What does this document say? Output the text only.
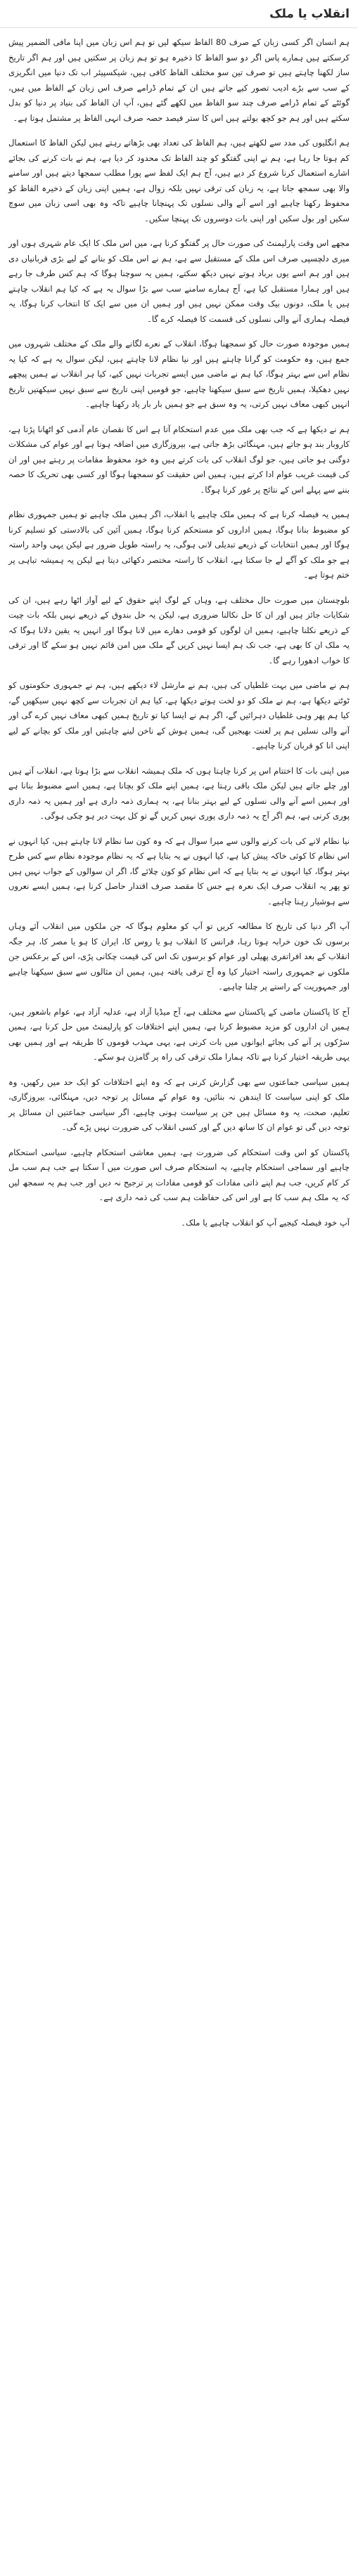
انقلاب یا ملک

ہم انسان اگر کسی زبان کے صرف 80 الفاظ سیکھ لیں تو ہم اس زبان میں اپنا مافی الضمیر پیش کرسکتے ہیں ہمارے پاس اگر دو سو الفاظ کا ذخیرہ ہو تو ہم زبان پر سکتیں ہیں اور ہم اگر تاریخ ساز لکھنا چاہتے ہیں تو صرف تین سو مختلف الفاظ کافی ہیں، شیکسپیئر اب تک دنیا میں انگریزی کے سب سے بڑے ادیب تصور کیے جاتے ہیں ان کے تمام ڈرامے صرف اس زبان کے الفاظ میں ہیں، گوئٹے کے تمام ڈرامے صرف چند سو الفاظ میں لکھے گئے ہیں، آپ ان الفاظ کی بنیاد پر دنیا کو بدل سکتے ہیں اور ہم جو کچھ بولتے ہیں اس کا ستر فیصد حصہ صرف انہی الفاظ پر مشتمل ہوتا ہے۔

ہم انگلیوں کی مدد سے لکھتے ہیں، ہم الفاظ کی تعداد بھی بڑھاتے رہتے ہیں لیکن الفاظ کا استعمال کم ہوتا جا رہا ہے، ہم نے اپنی گفتگو کو چند الفاظ تک محدود کر دیا ہے، ہم نے بات کرنے کی بجائے اشارے استعمال کرنا شروع کر دیے ہیں، آج ہم ایک لفظ سے پورا مطلب سمجھا دیتے ہیں اور سامنے والا بھی سمجھ جاتا ہے، یہ زبان کی ترقی نہیں بلکہ زوال ہے، ہمیں اپنی زبان کے ذخیرہ الفاظ کو محفوظ رکھنا چاہیے اور اسے آنے والی نسلوں تک پہنچانا چاہیے تاکہ وہ بھی اسی زبان میں سوچ سکیں اور بول سکیں اور اپنی بات دوسروں تک پہنچا سکیں۔

مجھے اس وقت پارلیمنٹ کی صورت حال پر گفتگو کرنا ہے، میں اس ملک کا ایک عام شہری ہوں اور میری دلچسپی صرف اس ملک کے مستقبل سے ہے، ہم نے اس ملک کو بنانے کے لیے بڑی قربانیاں دی ہیں اور ہم اسے یوں برباد ہوتے نہیں دیکھ سکتے، ہمیں یہ سوچنا ہوگا کہ ہم کس طرف جا رہے ہیں اور ہمارا مستقبل کیا ہے، آج ہمارے سامنے سب سے بڑا سوال یہ ہے کہ کیا ہم انقلاب چاہتے ہیں یا ملک، دونوں بیک وقت ممکن نہیں ہیں اور ہمیں ان میں سے ایک کا انتخاب کرنا ہوگا، یہ فیصلہ ہماری آنے والی نسلوں کی قسمت کا فیصلہ کرے گا۔

ہمیں موجودہ صورت حال کو سمجھنا ہوگا، انقلاب کے نعرے لگانے والے ملک کے مختلف شہروں میں جمع ہیں، وہ حکومت کو گرانا چاہتے ہیں اور نیا نظام لانا چاہتے ہیں، لیکن سوال یہ ہے کہ کیا یہ نظام اس سے بہتر ہوگا، کیا ہم نے ماضی میں ایسے تجربات نہیں کیے، کیا ہر انقلاب نے ہمیں پیچھے نہیں دھکیلا، ہمیں تاریخ سے سبق سیکھنا چاہیے، جو قومیں اپنی تاریخ سے سبق نہیں سیکھتیں تاریخ انہیں کبھی معاف نہیں کرتی، یہ وہ سبق ہے جو ہمیں بار بار یاد رکھنا چاہیے۔

ہم نے دیکھا ہے کہ جب بھی ملک میں عدم استحکام آتا ہے اس کا نقصان عام آدمی کو اٹھانا پڑتا ہے، کاروبار بند ہو جاتے ہیں، مہنگائی بڑھ جاتی ہے، بیروزگاری میں اضافہ ہوتا ہے اور عوام کی مشکلات دوگنی ہو جاتی ہیں، جو لوگ انقلاب کی بات کرتے ہیں وہ خود محفوظ مقامات پر رہتے ہیں اور ان کی قیمت غریب عوام ادا کرتے ہیں، ہمیں اس حقیقت کو سمجھنا ہوگا اور کسی بھی تحریک کا حصہ بننے سے پہلے اس کے نتائج پر غور کرنا ہوگا۔

ہمیں یہ فیصلہ کرنا ہے کہ ہمیں ملک چاہیے یا انقلاب، اگر ہمیں ملک چاہیے تو ہمیں جمہوری نظام کو مضبوط بنانا ہوگا، ہمیں اداروں کو مستحکم کرنا ہوگا، ہمیں آئین کی بالادستی کو تسلیم کرنا ہوگا اور ہمیں انتخابات کے ذریعے تبدیلی لانی ہوگی، یہ راستہ طویل ضرور ہے لیکن یہی واحد راستہ ہے جو ملک کو آگے لے جا سکتا ہے، انقلاب کا راستہ مختصر دکھائی دیتا ہے لیکن یہ ہمیشہ تباہی پر ختم ہوتا ہے۔

بلوچستان میں صورت حال مختلف ہے، وہاں کے لوگ اپنے حقوق کے لیے آواز اٹھا رہے ہیں، ان کی شکایات جائز ہیں اور ان کا حل نکالنا ضروری ہے، لیکن یہ حل بندوق کے ذریعے نہیں بلکہ بات چیت کے ذریعے نکلنا چاہیے، ہمیں ان لوگوں کو قومی دھارے میں لانا ہوگا اور انہیں یہ یقین دلانا ہوگا کہ یہ ملک ان کا بھی ہے، جب تک ہم ایسا نہیں کریں گے ملک میں امن قائم نہیں ہو سکے گا اور ترقی کا خواب ادھورا رہے گا۔

ہم نے ماضی میں بہت غلطیاں کی ہیں، ہم نے مارشل لاء دیکھے ہیں، ہم نے جمہوری حکومتوں کو ٹوٹتے دیکھا ہے، ہم نے ملک کو دو لخت ہوتے دیکھا ہے، کیا ہم ان تجربات سے کچھ نہیں سیکھیں گے، کیا ہم پھر وہی غلطیاں دہرائیں گے، اگر ہم نے ایسا کیا تو تاریخ ہمیں کبھی معاف نہیں کرے گی اور آنے والی نسلیں ہم پر لعنت بھیجیں گی، ہمیں ہوش کے ناخن لینے چاہئیں اور ملک کو بچانے کے لیے اپنی انا کو قربان کرنا چاہیے۔

میں اپنی بات کا اختتام اس پر کرنا چاہتا ہوں کہ ملک ہمیشہ انقلاب سے بڑا ہوتا ہے، انقلاب آتے ہیں اور چلے جاتے ہیں لیکن ملک باقی رہتا ہے، ہمیں اپنے ملک کو بچانا ہے، ہمیں اسے مضبوط بنانا ہے اور ہمیں اسے آنے والی نسلوں کے لیے بہتر بنانا ہے، یہ ہماری ذمہ داری ہے اور ہمیں یہ ذمہ داری پوری کرنی ہے، ہم اگر آج یہ ذمہ داری پوری نہیں کریں گے تو کل بہت دیر ہو چکی ہوگی۔

نیا نظام لانے کی بات کرنے والوں سے میرا سوال ہے کہ وہ کون سا نظام لانا چاہتے ہیں، کیا انہوں نے اس نظام کا کوئی خاکہ پیش کیا ہے، کیا انہوں نے یہ بتایا ہے کہ یہ نظام موجودہ نظام سے کس طرح بہتر ہوگا، کیا انہوں نے یہ بتایا ہے کہ اس نظام کو کون چلائے گا، اگر ان سوالوں کے جواب نہیں ہیں تو پھر یہ انقلاب صرف ایک نعرہ ہے جس کا مقصد صرف اقتدار حاصل کرنا ہے، ہمیں ایسے نعروں سے ہوشیار رہنا چاہیے۔

آپ اگر دنیا کی تاریخ کا مطالعہ کریں تو آپ کو معلوم ہوگا کہ جن ملکوں میں انقلاب آئے وہاں برسوں تک خون خرابہ ہوتا رہا، فرانس کا انقلاب ہو یا روس کا، ایران کا ہو یا مصر کا، ہر جگہ انقلاب کے بعد افراتفری پھیلی اور عوام کو برسوں تک اس کی قیمت چکانی پڑی، اس کے برعکس جن ملکوں نے جمہوری راستہ اختیار کیا وہ آج ترقی یافتہ ہیں، ہمیں ان مثالوں سے سبق سیکھنا چاہیے اور جمہوریت کے راستے پر چلنا چاہیے۔

آج کا پاکستان ماضی کے پاکستان سے مختلف ہے، آج میڈیا آزاد ہے، عدلیہ آزاد ہے، عوام باشعور ہیں، ہمیں ان اداروں کو مزید مضبوط کرنا ہے، ہمیں اپنے اختلافات کو پارلیمنٹ میں حل کرنا ہے، ہمیں سڑکوں پر آنے کی بجائے ایوانوں میں بات کرنی ہے، یہی مہذب قوموں کا طریقہ ہے اور ہمیں بھی یہی طریقہ اختیار کرنا ہے تاکہ ہمارا ملک ترقی کی راہ پر گامزن ہو سکے۔

ہمیں سیاسی جماعتوں سے بھی گزارش کرنی ہے کہ وہ اپنے اختلافات کو ایک حد میں رکھیں، وہ ملک کو اپنی سیاست کا ایندھن نہ بنائیں، وہ عوام کے مسائل پر توجہ دیں، مہنگائی، بیروزگاری، تعلیم، صحت، یہ وہ مسائل ہیں جن پر سیاست ہونی چاہیے، اگر سیاسی جماعتیں ان مسائل پر توجہ دیں گی تو عوام ان کا ساتھ دیں گے اور کسی انقلاب کی ضرورت نہیں پڑے گی۔

پاکستان کو اس وقت استحکام کی ضرورت ہے، ہمیں معاشی استحکام چاہیے، سیاسی استحکام چاہیے اور سماجی استحکام چاہیے، یہ استحکام صرف اس صورت میں آ سکتا ہے جب ہم سب مل کر کام کریں، جب ہم اپنے ذاتی مفادات کو قومی مفادات پر ترجیح نہ دیں اور جب ہم یہ سمجھ لیں کہ یہ ملک ہم سب کا ہے اور اس کی حفاظت ہم سب کی ذمہ داری ہے۔

آپ خود فیصلہ کیجیے آپ کو انقلاب چاہیے یا ملک۔
